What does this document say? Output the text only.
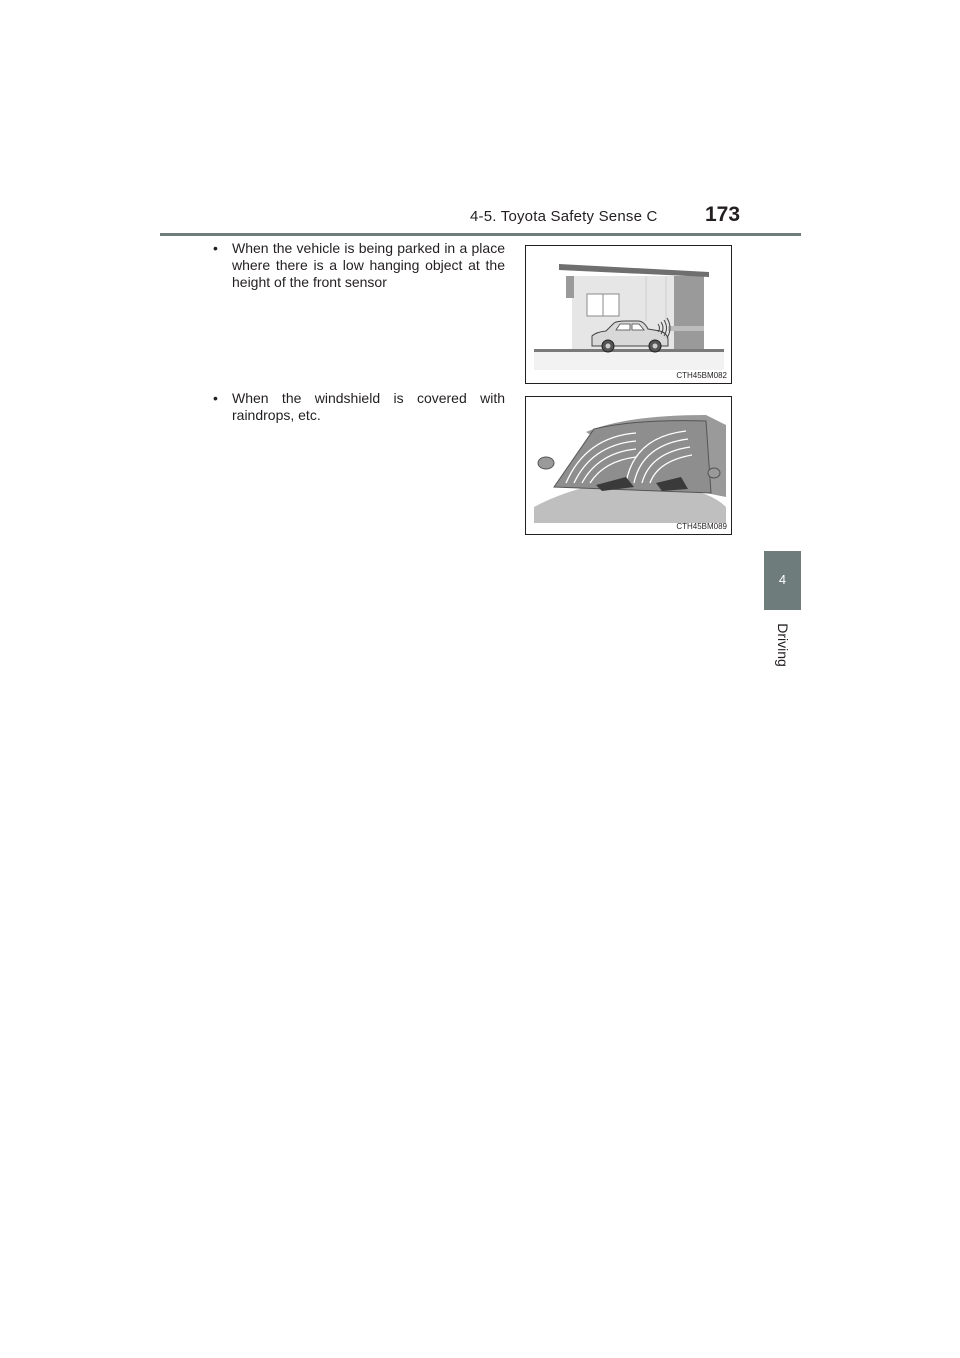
4-5. Toyota Safety Sense C 173
4
Driving
• When the vehicle is being parked in a place where there is a low hanging object at the height of the front sensor
• When the windshield is covered with raindrops, etc.
CTH45BM082
CTH45BM089
